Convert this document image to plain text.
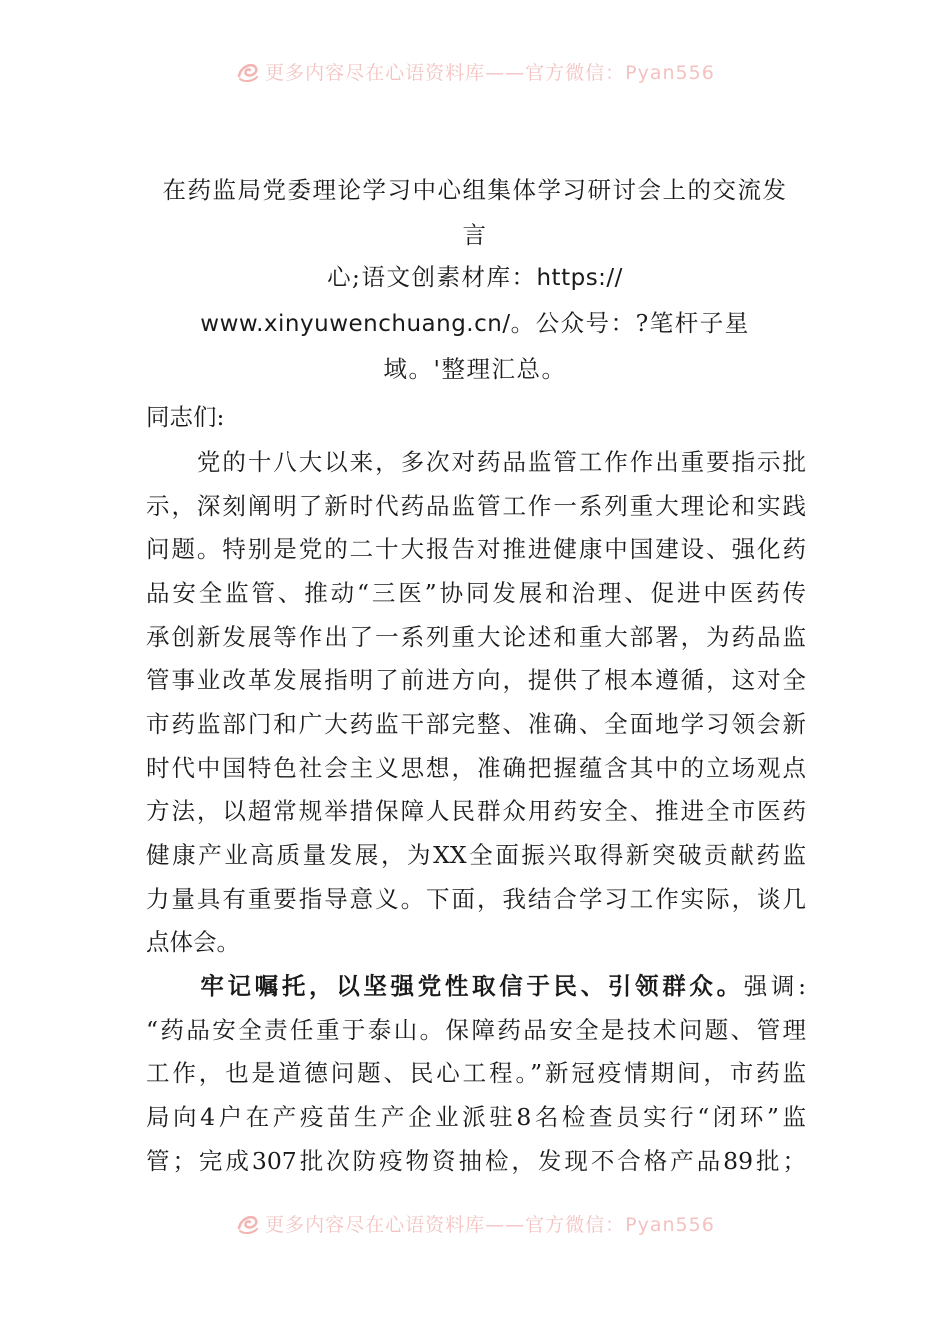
更多内容尽在心语资料库——官方微信：Pyan556
在药监局党委理论学习中心组集体学习研讨会上的交流发
言
心;语文创素材库：https://
www.xinyuwenchuang.cn/。公众号：?笔杆子星
域。'整理汇总。
同志们:
　　党的十八大以来，多次对药品监管工作作出重要指示批
示，深刻阐明了新时代药品监管工作一系列重大理论和实践
问题。特别是党的二十大报告对推进健康中国建设、强化药
品安全监管、推动“三医”协同发展和治理、促进中医药传
承创新发展等作出了一系列重大论述和重大部署，为药品监
管事业改革发展指明了前进方向，提供了根本遵循，这对全
市药监部门和广大药监干部完整、准确、全面地学习领会新
时代中国特色社会主义思想，准确把握蕴含其中的立场观点
方法，以超常规举措保障人民群众用药安全、推进全市医药
健康产业高质量发展，为XX全面振兴取得新突破贡献药监
力量具有重要指导意义。下面，我结合学习工作实际，谈几
点体会。
　　牢记嘱托，以坚强党性取信于民、引领群众。强调:
“药品安全责任重于泰山。保障药品安全是技术问题、管理
工作，也是道德问题、民心工程。”新冠疫情期间，市药监
局向4户在产疫苗生产企业派驻8名检查员实行“闭环”监
管；完成307批次防疫物资抽检，发现不合格产品89批；
更多内容尽在心语资料库——官方微信：Pyan556
